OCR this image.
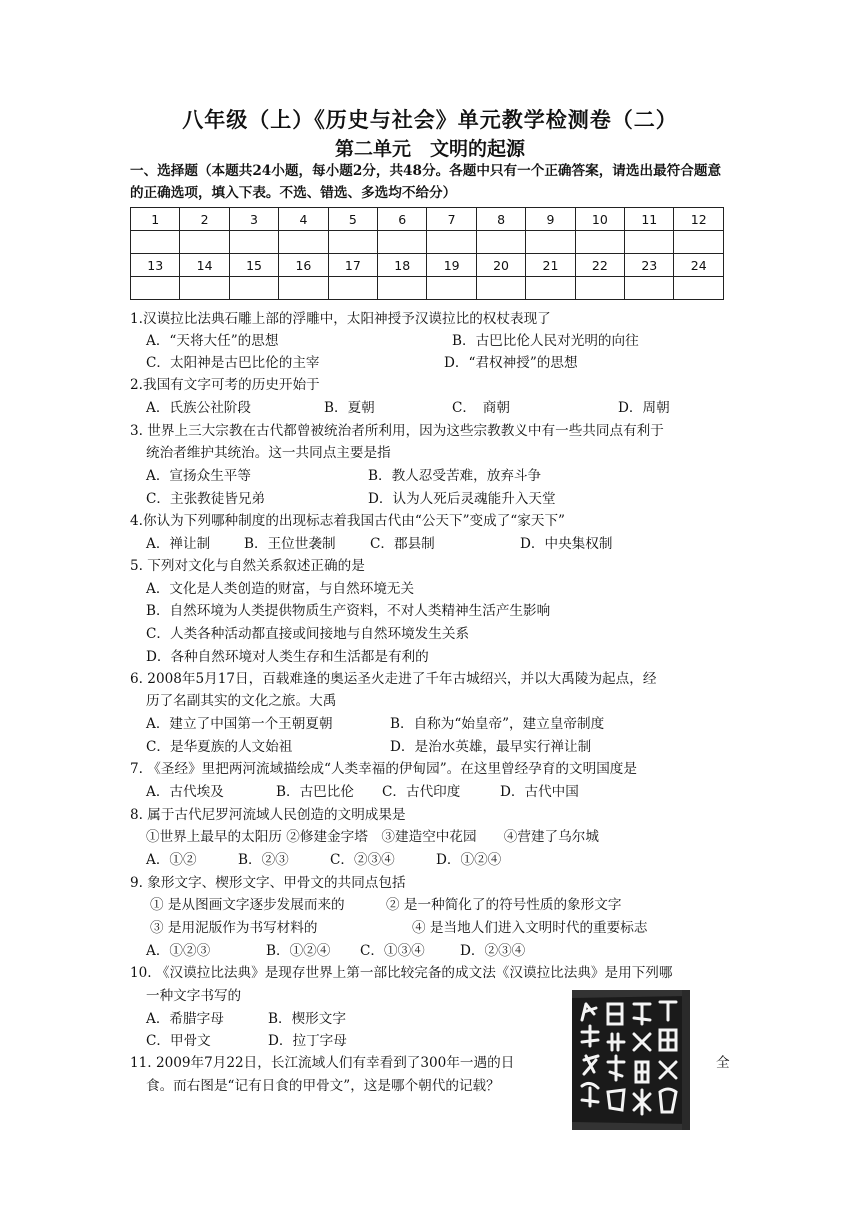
八年级（上）《历史与社会》单元教学检测卷（二）
第二单元　文明的起源
一、选择题（本题共24小题，每小题2分，共48分。各题中只有一个正确答案，请选出最符合题意的正确选项，填入下表。不选、错选、多选均不给分）
1	2	3	4	5	6	7	8	9	10	11	12

13	14	15	16	17	18	19	20	21	22	23	24

1.汉谟拉比法典石雕上部的浮雕中，太阳神授予汉谟拉比的权杖表现了
A．“天将大任”的思想	B．古巴比伦人民对光明的向往
C．太阳神是古巴比伦的主宰	D．“君权神授”的思想
2.我国有文字可考的历史开始于
A．氏族公社阶段	B．夏朝	C．　商朝	D．周朝
3. 世界上三大宗教在古代都曾被统治者所利用，因为这些宗教教义中有一些共同点有利于
统治者维护其统治。这一共同点主要是指
A．宣扬众生平等	B．教人忍受苦难，放弃斗争
C．主张教徒皆兄弟	D．认为人死后灵魂能升入天堂
4.你认为下列哪种制度的出现标志着我国古代由“公天下”变成了“家天下”
A．禅让制 B．王位世袭制	C．郡县制	D．中央集权制
5. 下列对文化与自然关系叙述正确的是
A．文化是人类创造的财富，与自然环境无关
B．自然环境为人类提供物质生产资料，不对人类精神生活产生影响
C．人类各种活动都直接或间接地与自然环境发生关系
D．各种自然环境对人类生存和生活都是有利的
6. 2008年5月17日，百载难逢的奥运圣火走进了千年古城绍兴，并以大禹陵为起点，经
历了名副其实的文化之旅。大禹
A．建立了中国第一个王朝夏朝	B．自称为“始皇帝”，建立皇帝制度
C．是华夏族的人文始祖	D．是治水英雄，最早实行禅让制
7. 《圣经》里把两河流域描绘成“人类幸福的伊甸园”。在这里曾经孕育的文明国度是
A．古代埃及	B．古巴比伦 C．古代印度	D．古代中国
8. 属于古代尼罗河流域人民创造的文明成果是
①世界上最早的太阳历 ②修建金字塔　③建造空中花园　　④营建了乌尔城
A．①②	B．②③	C．②③④	D．①②④
9. 象形文字、楔形文字、甲骨文的共同点包括
① 是从图画文字逐步发展而来的	② 是一种简化了的符号性质的象形文字
③ 是用泥版作为书写材料的	④ 是当地人们进入文明时代的重要标志
A．①②③	B．①②④ C．①③④	D．②③④
10. 《汉谟拉比法典》是现存世界上第一部比较完备的成文法《汉谟拉比法典》是用下列哪
一种文字书写的
A．希腊字母	B．楔形文字
C．甲骨文	D．拉丁字母
11. 2009年7月22日，长江流域人们有幸看到了300年一遇的日	全
食。而右图是“记有日食的甲骨文”，这是哪个朝代的记载？
